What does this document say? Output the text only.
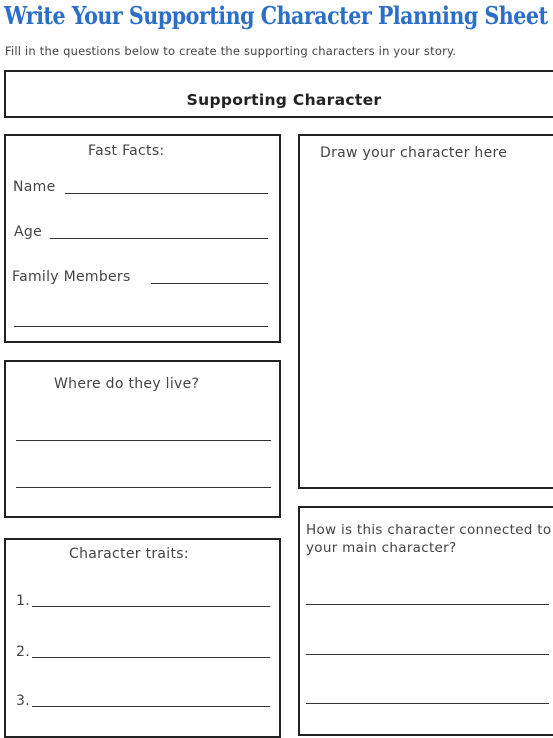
Write Your Supporting Character Planning Sheet
Fill in the questions below to create the supporting characters in your story.
Supporting Character
Fast Facts:
Name
Age
Family Members
Draw your character here
Where do they live?
How is this character connected to your main character?
Character traits:
1.
2.
3.
